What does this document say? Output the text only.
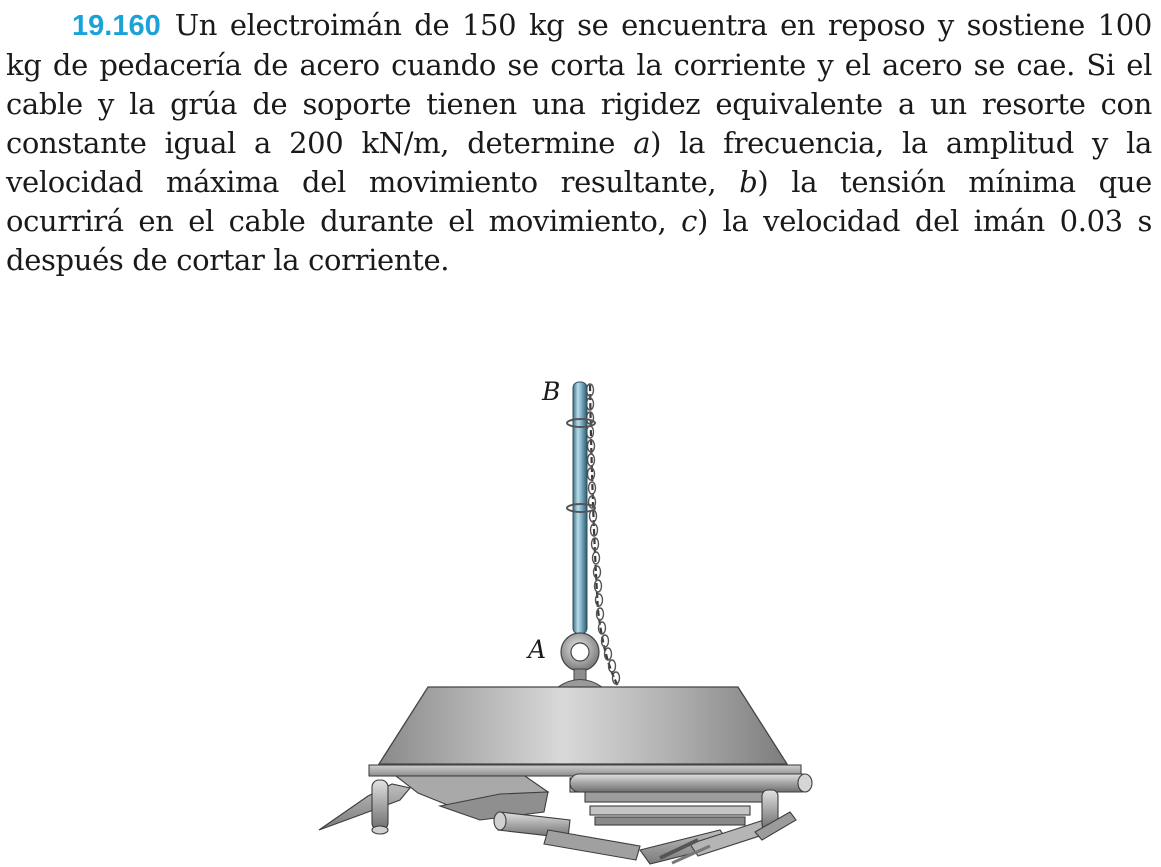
19.160 Un electroimán de 150 kg se encuentra en reposo y sostiene 100 kg de pedacería de acero cuando se corta la corriente y el acero se cae. Si el cable y la grúa de soporte tienen una rigidez equivalente a un resorte con constante igual a 200 kN/m, determine a) la frecuencia, la amplitud y la velocidad máxima del movimiento resultante, b) la tensión mínima que ocurrirá en el cable durante el movimiento, c) la velocidad del imán 0.03 s después de cortar la corriente.

B
A
